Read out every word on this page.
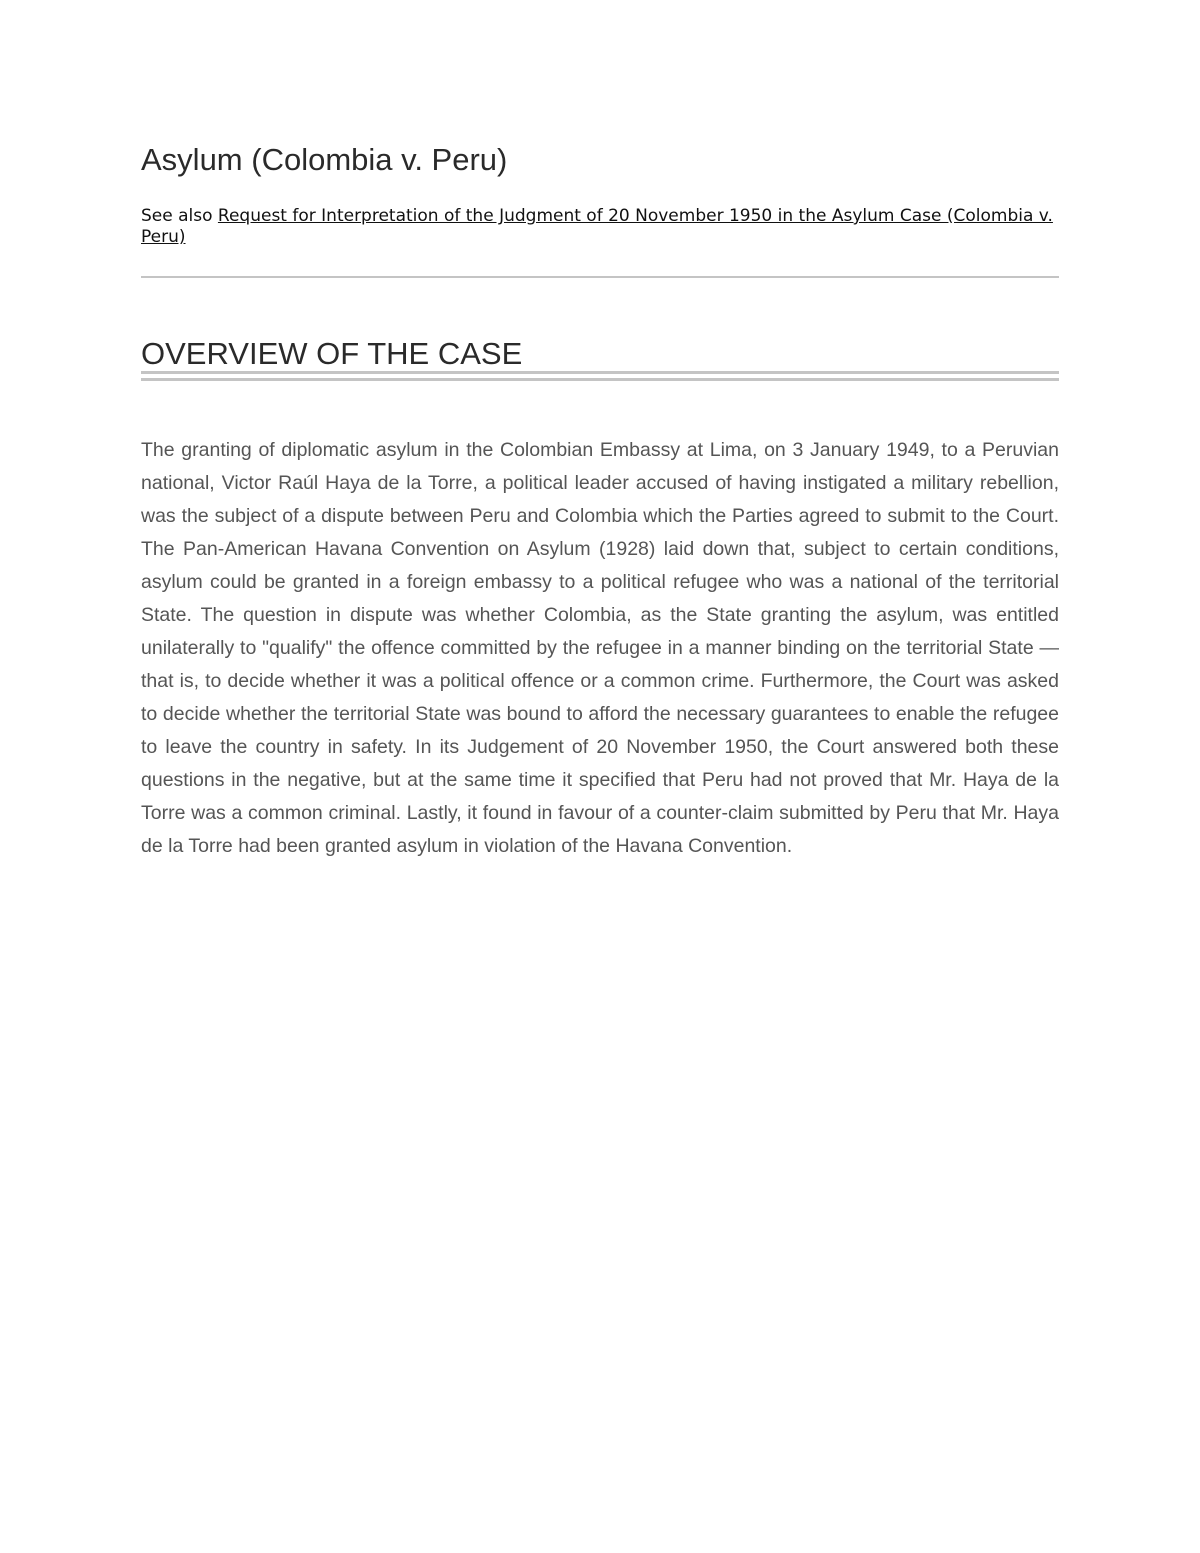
Asylum (Colombia v. Peru)
See also Request for Interpretation of the Judgment of 20 November 1950 in the Asylum Case (Colombia v. Peru)
OVERVIEW OF THE CASE

The granting of diplomatic asylum in the Colombian Embassy at Lima, on 3 January 1949, to a Peruvian national, Victor Raúl Haya de la Torre, a political leader accused of having instigated a military rebellion, was the subject of a dispute between Peru and Colombia which the Parties agreed to submit to the Court. The Pan-American Havana Convention on Asylum (1928) laid down that, subject to certain conditions, asylum could be granted in a foreign embassy to a political refugee who was a national of the territorial State. The question in dispute was whether Colombia, as the State granting the asylum, was entitled unilaterally to "qualify" the offence committed by the refugee in a manner binding on the territorial State — that is, to decide whether it was a political offence or a common crime. Furthermore, the Court was asked to decide whether the territorial State was bound to afford the necessary guarantees to enable the refugee to leave the country in safety. In its Judgement of 20 November 1950, the Court answered both these questions in the negative, but at the same time it specified that Peru had not proved that Mr. Haya de la Torre was a common criminal. Lastly, it found in favour of a counter-claim submitted by Peru that Mr. Haya de la Torre had been granted asylum in violation of the Havana Convention.
